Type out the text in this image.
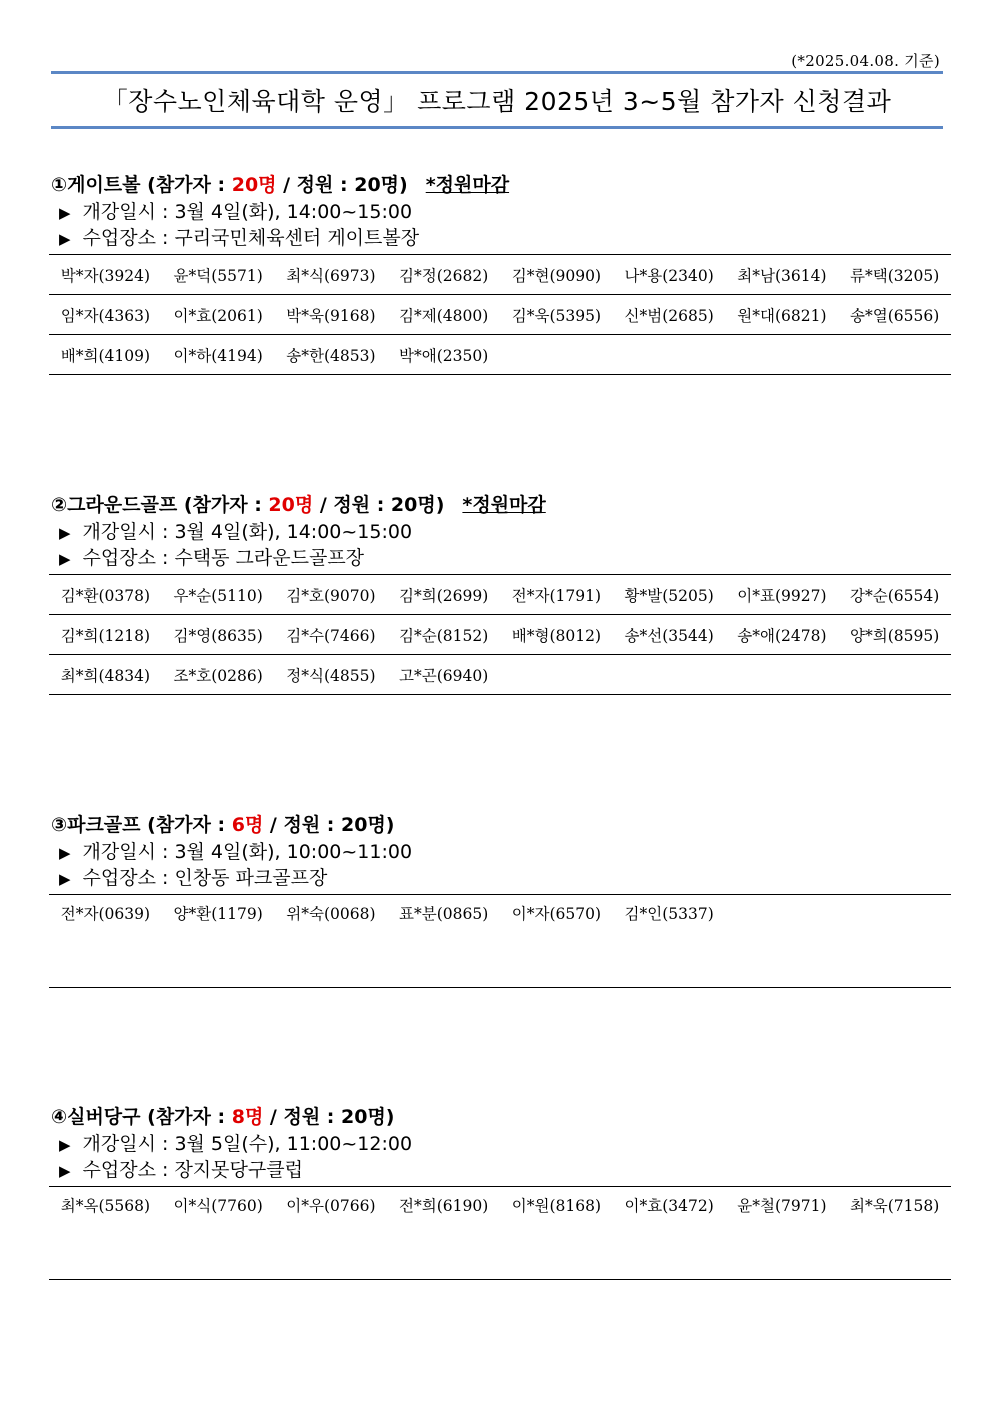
(*2025.04.08. 기준)
「장수노인체육대학 운영」 프로그램 2025년 3~5월 참가자 신청결과
①게이트볼 (참가자 : 20명 / 정원 : 20명) *정원마감
▶ 개강일시 : 3월 4일(화), 14:00~15:00
▶ 수업장소 : 구리국민체육센터 게이트볼장
박*자(3924)	윤*덕(5571)	최*식(6973)	김*정(2682)	김*현(9090)	나*용(2340)	최*남(3614)	류*택(3205)
임*자(4363)	이*효(2061)	박*욱(9168)	김*제(4800)	김*욱(5395)	신*범(2685)	원*대(6821)	송*열(6556)
배*희(4109)	이*하(4194)	송*한(4853)	박*애(2350)
②그라운드골프 (참가자 : 20명 / 정원 : 20명) *정원마감
▶ 개강일시 : 3월 4일(화), 14:00~15:00
▶ 수업장소 : 수택동 그라운드골프장
김*환(0378)	우*순(5110)	김*호(9070)	김*희(2699)	전*자(1791)	황*발(5205)	이*표(9927)	강*순(6554)
김*희(1218)	김*영(8635)	김*수(7466)	김*순(8152)	배*형(8012)	송*선(3544)	송*애(2478)	양*희(8595)
최*희(4834)	조*호(0286)	정*식(4855)	고*곤(6940)
③파크골프 (참가자 : 6명 / 정원 : 20명)
▶ 개강일시 : 3월 4일(화), 10:00~11:00
▶ 수업장소 : 인창동 파크골프장
전*자(0639)	양*환(1179)	위*숙(0068)	표*분(0865)	이*자(6570)	김*인(5337)
④실버당구 (참가자 : 8명 / 정원 : 20명)
▶ 개강일시 : 3월 5일(수), 11:00~12:00
▶ 수업장소 : 장지못당구클럽
최*옥(5568)	이*식(7760)	이*우(0766)	전*희(6190)	이*원(8168)	이*효(3472)	윤*철(7971)	최*욱(7158)
